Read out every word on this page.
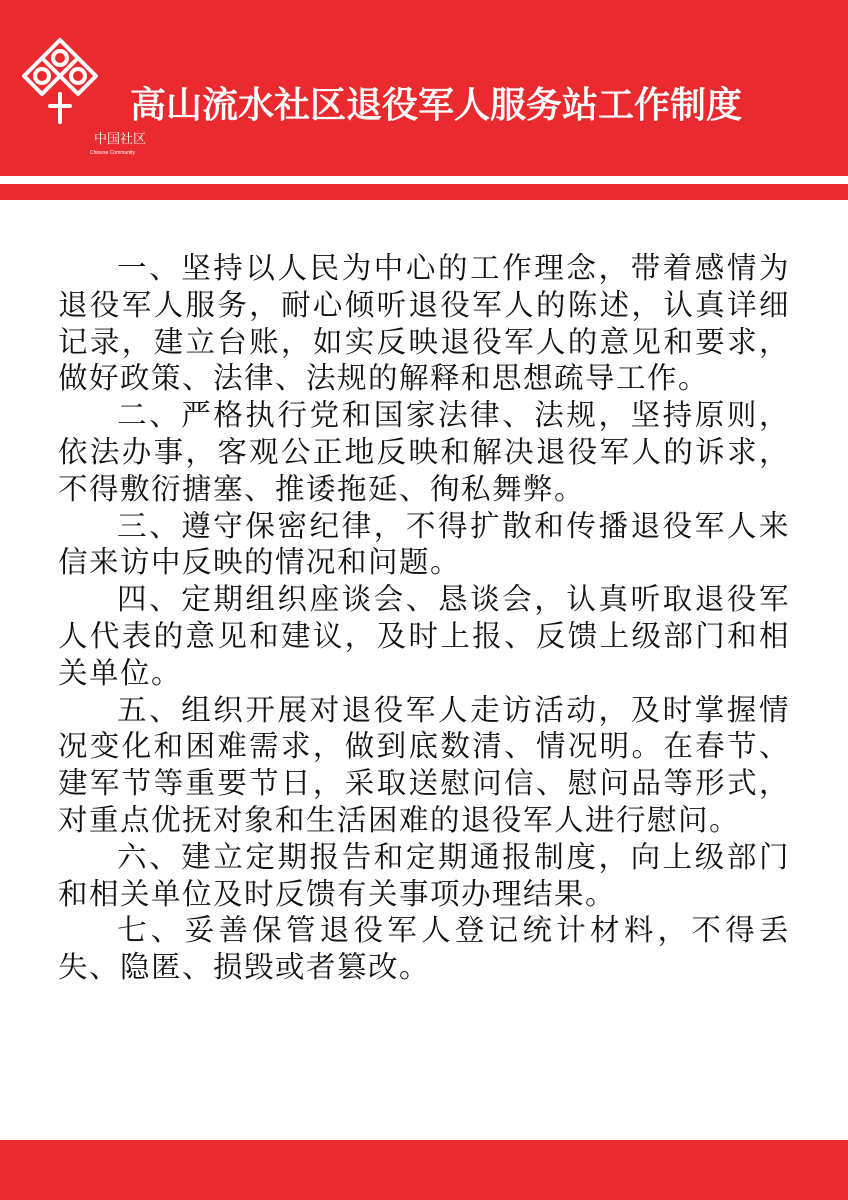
中国社区
Chinese Community
高山流水社区退役军人服务站工作制度

一、坚持以人民为中心的工作理念，带着感情为退役军人服务，耐心倾听退役军人的陈述，认真详细记录，建立台账，如实反映退役军人的意见和要求，做好政策、法律、法规的解释和思想疏导工作。

二、严格执行党和国家法律、法规，坚持原则，依法办事，客观公正地反映和解决退役军人的诉求，不得敷衍搪塞、推诿拖延、徇私舞弊。

三、遵守保密纪律，不得扩散和传播退役军人来信来访中反映的情况和问题。

四、定期组织座谈会、恳谈会，认真听取退役军人代表的意见和建议，及时上报、反馈上级部门和相关单位。

五、组织开展对退役军人走访活动，及时掌握情况变化和困难需求，做到底数清、情况明。在春节、建军节等重要节日，采取送慰问信、慰问品等形式，对重点优抚对象和生活困难的退役军人进行慰问。

六、建立定期报告和定期通报制度，向上级部门和相关单位及时反馈有关事项办理结果。

七、妥善保管退役军人登记统计材料，不得丢失、隐匿、损毁或者篡改。
